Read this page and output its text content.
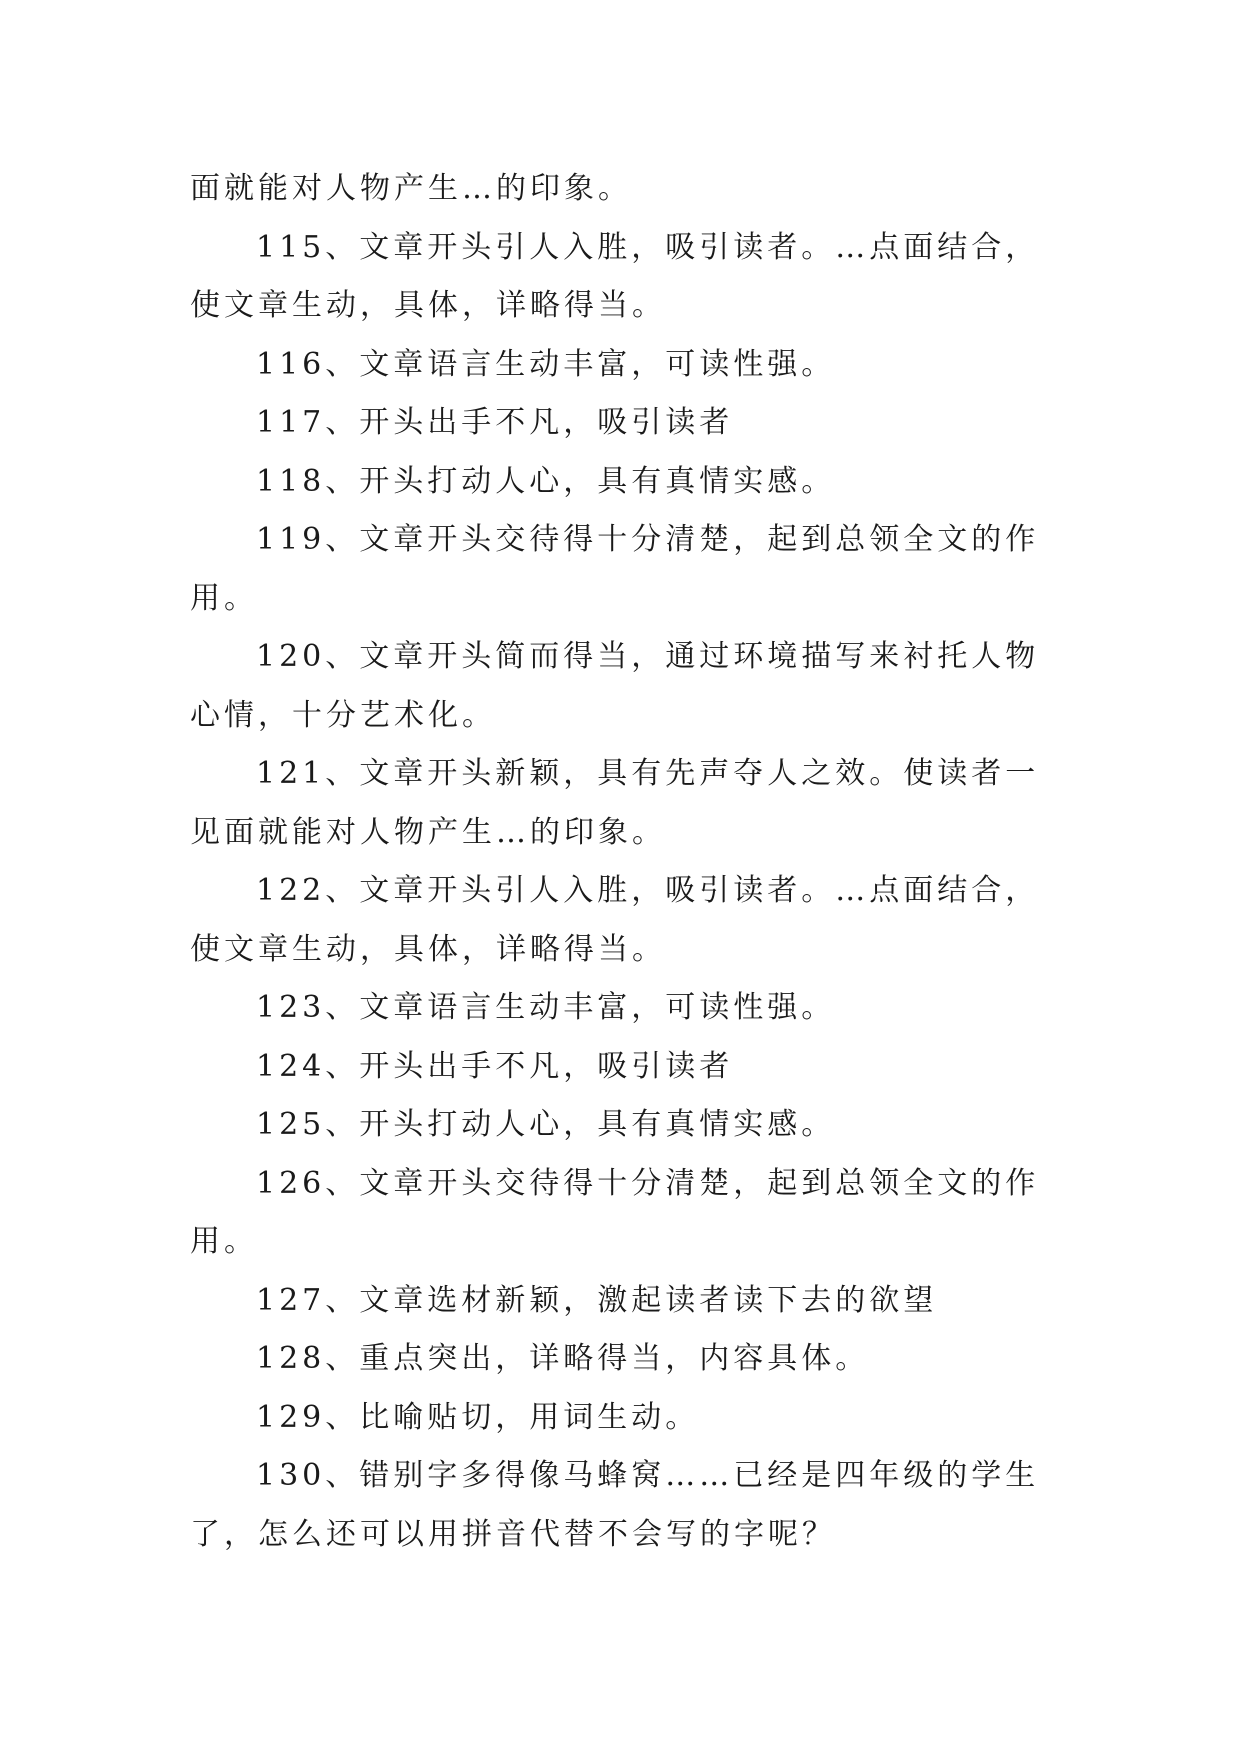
面就能对人物产生…的印象。

115、文章开头引人入胜，吸引读者。…点面结合，使文章生动，具体，详略得当。

116、文章语言生动丰富，可读性强。

117、开头出手不凡，吸引读者

118、开头打动人心，具有真情实感。

119、文章开头交待得十分清楚，起到总领全文的作用。

120、文章开头简而得当，通过环境描写来衬托人物心情，十分艺术化。

121、文章开头新颖，具有先声夺人之效。使读者一见面就能对人物产生…的印象。

122、文章开头引人入胜，吸引读者。…点面结合，使文章生动，具体，详略得当。

123、文章语言生动丰富，可读性强。

124、开头出手不凡，吸引读者

125、开头打动人心，具有真情实感。

126、文章开头交待得十分清楚，起到总领全文的作用。

127、文章选材新颖，激起读者读下去的欲望

128、重点突出，详略得当，内容具体。

129、比喻贴切，用词生动。

130、错别字多得像马蜂窝……已经是四年级的学生了，怎么还可以用拼音代替不会写的字呢？
